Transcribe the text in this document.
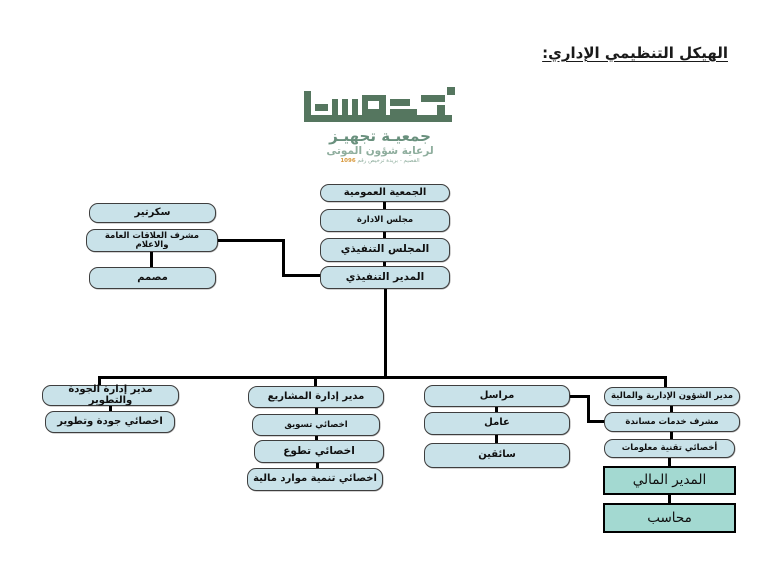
الهيكل التنظيمي الإداري:
جمعيـة تجهيـز
لرعاية شؤون الموتى
القصيم - بريدة ترخيص رقم 1096
الجمعية العمومية
مجلس الادارة
المجلس التنفيذي
المدير التنفيذي
سكرتير
مشرف العلاقات العامة والاعلام
مصمم
مدير إدارة الجودة والتطوير
اخصائي جودة وتطوير
مدير إدارة المشاريع
اخصائي تسويق
اخصائي تطوع
اخصائي تنمية موارد مالية
مراسل
عامل
سائقين
مدير الشؤون الإدارية والمالية
مشرف خدمات مساندة
أخصائي تقنية معلومات
المدير المالي
محاسب
